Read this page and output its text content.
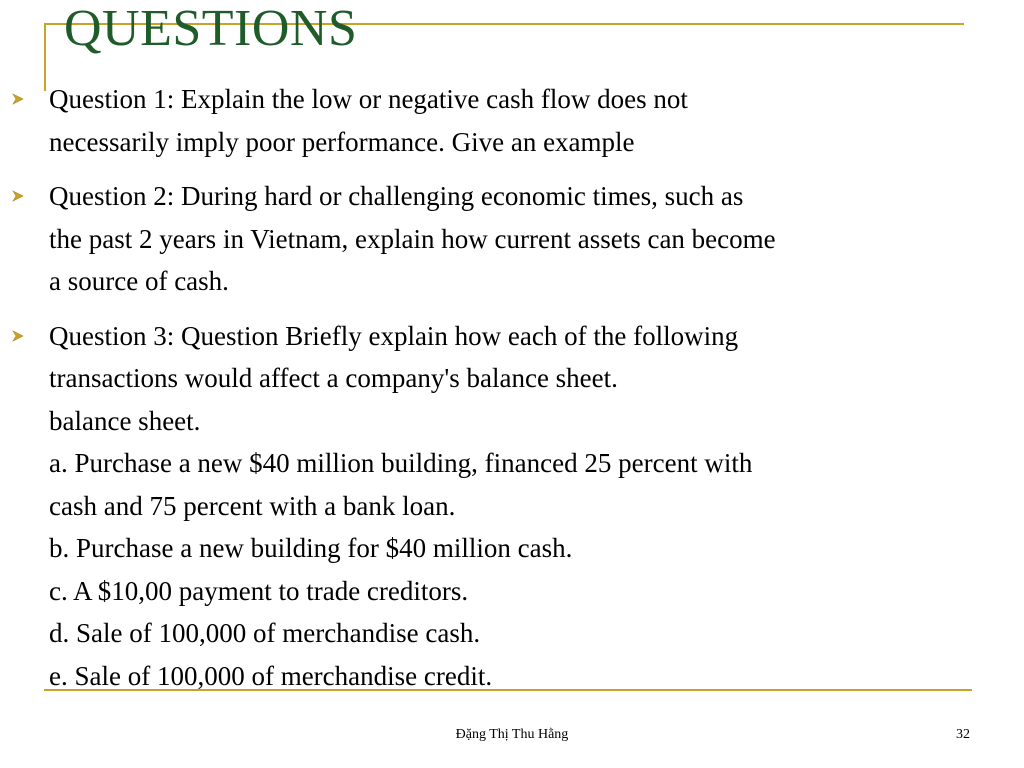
QUESTIONS
Question 1: Explain the low or negative cash flow does not
necessarily imply poor performance. Give an example
Question 2: During hard or challenging economic times, such as
the past 2 years in Vietnam, explain how current assets can become
a source of cash.
Question 3: Question Briefly explain how each of the following
transactions would affect a company's balance sheet.
balance sheet.
a. Purchase a new $40 million building, financed 25 percent with
cash and 75 percent with a bank loan.
b. Purchase a new building for $40 million cash.
c. A $10,00 payment to trade creditors.
d. Sale of 100,000 of merchandise cash.
e. Sale of 100,000 of merchandise credit.
Đặng Thị Thu Hằng	32
